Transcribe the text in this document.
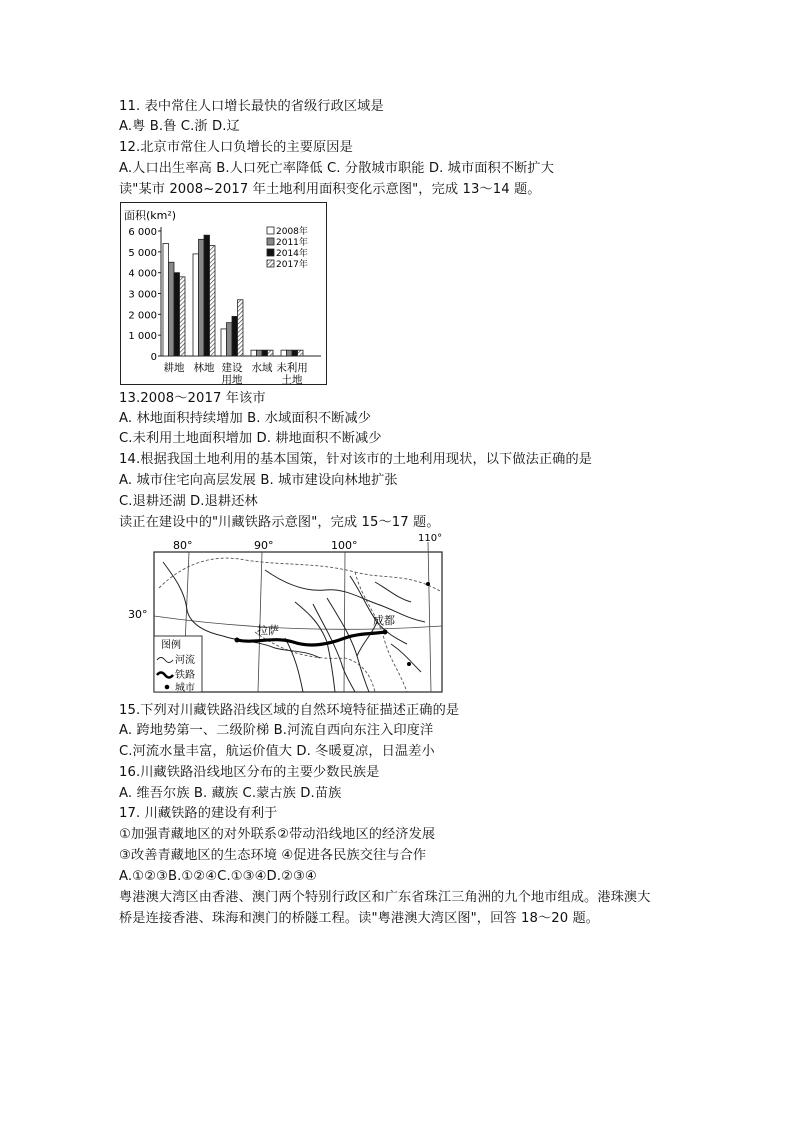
11. 表中常住人口增长最快的省级行政区域是
A.粤 B.鲁 C.浙 D.辽
12.北京市常住人口负增长的主要原因是
A.人口出生率高 B.人口死亡率降低 C. 分散城市职能 D. 城市面积不断扩大
读"某市 2008~2017 年土地利用面积变化示意图"，完成 13～14 题。
面积(km²)
6 000
5 000
4 000
3 000
2 000
1 000
0
耕地 林地 建设
用地
水域 未利用
土地
2008年
2011年
2014年
2017年
13.2008～2017 年该市
A. 林地面积持续增加 B. 水域面积不断减少
C.未利用土地面积增加 D. 耕地面积不断减少
14.根据我国土地利用的基本国策，针对该市的土地利用现状，以下做法正确的是
A. 城市住宅向高层发展 B. 城市建设向林地扩张
C.退耕还湖 D.退耕还林
读正在建设中的"川藏铁路示意图"，完成 15～17 题。
80°	90°	100°
110°
30°
拉萨
成都
图例
河流
铁路
城市
15.下列对川藏铁路沿线区域的自然环境特征描述正确的是
A. 跨地势第一、二级阶梯 B.河流自西向东注入印度洋
C.河流水量丰富，航运价值大 D. 冬暖夏凉，日温差小
16.川藏铁路沿线地区分布的主要少数民族是
A. 维吾尔族 B. 藏族 C.蒙古族 D.苗族
17. 川藏铁路的建设有利于
①加强青藏地区的对外联系②带动沿线地区的经济发展
③改善青藏地区的生态环境 ④促进各民族交往与合作
A.①②③B.①②④C.①③④D.②③④
粤港澳大湾区由香港、澳门两个特别行政区和广东省珠江三角洲的九个地市组成。港珠澳大
桥是连接香港、珠海和澳门的桥隧工程。读"粤港澳大湾区图"，回答 18～20 题。
